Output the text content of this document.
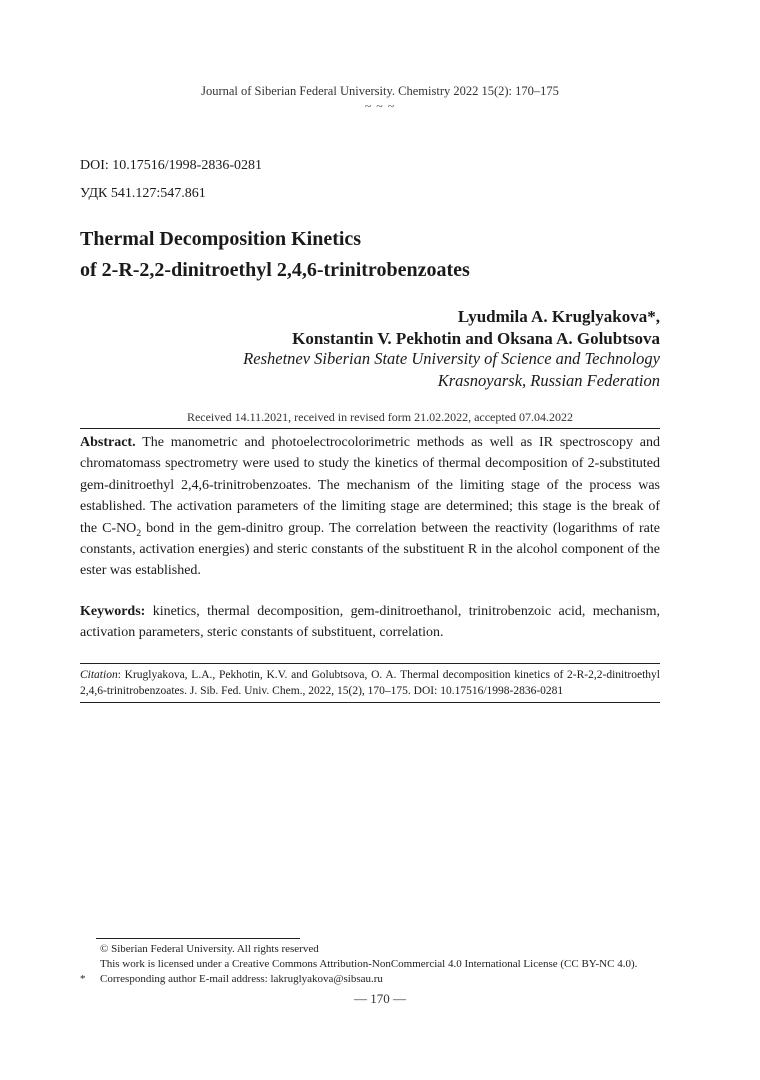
Journal of Siberian Federal University. Chemistry 2022 15(2): 170–175
~ ~ ~
DOI: 10.17516/1998-2836-0281
УДК 541.127:547.861
Thermal Decomposition Kinetics
of 2-R-2,2-dinitroethyl 2,4,6-trinitrobenzoates
Lyudmila A. Kruglyakova*,
Konstantin V. Pekhotin and Oksana A. Golubtsova
Reshetnev Siberian State University of Science and Technology
Krasnoyarsk, Russian Federation
Received 14.11.2021, received in revised form 21.02.2022, accepted 07.04.2022
Abstract. The manometric and photoelectrocolorimetric methods as well as IR spectroscopy and chromatomass spectrometry were used to study the kinetics of thermal decomposition of 2-substituted gem-dinitroethyl 2,4,6-trinitrobenzoates. The mechanism of the limiting stage of the process was established. The activation parameters of the limiting stage are determined; this stage is the break of the $C-NO_2$ bond in the gem-dinitro group. The correlation between the reactivity (logarithms of rate constants, activation energies) and steric constants of the substituent R in the alcohol component of the ester was established.
Keywords: kinetics, thermal decomposition, gem-dinitroethanol, trinitrobenzoic acid, mechanism, activation parameters, steric constants of substituent, correlation.
Citation: Kruglyakova, L.A., Pekhotin, K.V. and Golubtsova, O. A. Thermal decomposition kinetics of 2-R-2,2-dinitroethyl 2,4,6-trinitrobenzoates. J. Sib. Fed. Univ. Chem., 2022, 15(2), 170–175. DOI: 10.17516/1998-2836-0281
© Siberian Federal University. All rights reserved
This work is licensed under a Creative Commons Attribution-NonCommercial 4.0 International License (CC BY-NC 4.0).
* Corresponding author E-mail address: lakruglyakova@sibsau.ru
— 170 —
